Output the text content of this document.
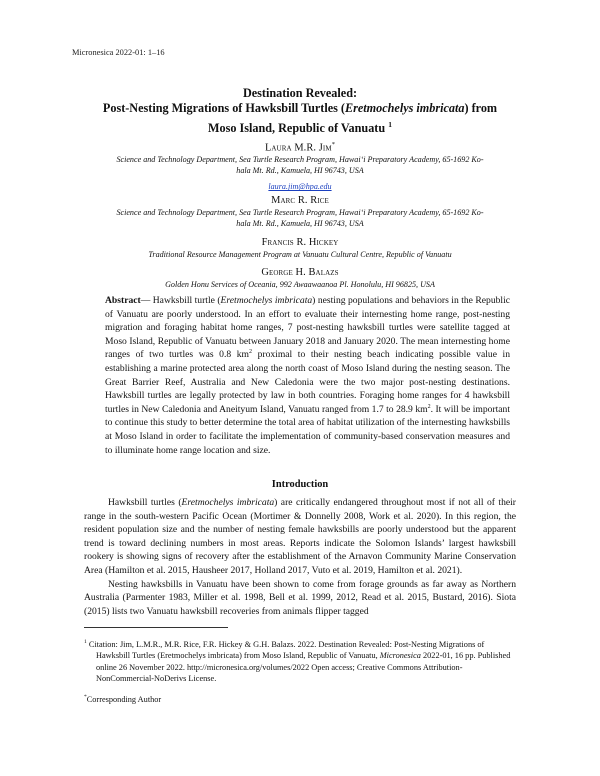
Micronesica 2022-01: 1–16
Destination Revealed:
Post-Nesting Migrations of Hawksbill Turtles (Eretmochelys imbricata) from
Moso Island, Republic of Vanuatu $^1$
Laura M.R. Jim*
Science and Technology Department, Sea Turtle Research Program, Hawai‘i Preparatory Academy, 65-1692 Ko-
hala Mt. Rd., Kamuela, HI 96743, USA
laura.jim@hpa.edu
Marc R. Rice
Science and Technology Department, Sea Turtle Research Program, Hawai‘i Preparatory Academy, 65-1692 Ko-
hala Mt. Rd., Kamuela, HI 96743, USA
Francis R. Hickey
Traditional Resource Management Program at Vanuatu Cultural Centre, Republic of Vanuatu
George H. Balazs
Golden Honu Services of Oceania, 992 Awaawaanoa Pl. Honolulu, HI 96825, USA
Abstract— Hawksbill turtle (Eretmochelys imbricata) nesting populations and behaviors in the Republic of Vanuatu are poorly understood. In an effort to evaluate their internesting home range, post-nesting migration and foraging habitat home ranges, 7 post-nesting hawksbill turtles were satellite tagged at Moso Island, Republic of Vanuatu between January 2018 and January 2020. The mean internesting home ranges of two turtles was 0.8 $km^2$ proximal to their nesting beach indicating possible value in establishing a marine protected area along the north coast of Moso Island during the nesting season. The Great Barrier Reef, Australia and New Caledonia were the two major post-nesting destinations. Hawksbill turtles are legally protected by law in both countries. Foraging home ranges for 4 hawksbill turtles in New Caledonia and Aneityum Island, Vanuatu ranged from 1.7 to 28.9 $km^2$. It will be important to continue this study to better determine the total area of habitat utilization of the internesting hawksbills at Moso Island in order to facilitate the implementation of community-based conservation measures and to illuminate home range location and size.
Introduction

Hawksbill turtles (Eretmochelys imbricata) are critically endangered throughout most if not all of their range in the south-western Pacific Ocean (Mortimer & Donnelly 2008, Work et al. 2020). In this region, the resident population size and the number of nesting female hawksbills are poorly understood but the apparent trend is toward declining numbers in most areas. Reports indicate the Solomon Islands’ largest hawksbill rookery is showing signs of recovery after the establishment of the Arnavon Community Marine Conservation Area (Hamilton et al. 2015, Hausheer 2017, Holland 2017, Vuto et al. 2019, Hamilton et al. 2021).

Nesting hawksbills in Vanuatu have been shown to come from forage grounds as far away as Northern Australia (Parmenter 1983, Miller et al. 1998, Bell et al. 1999, 2012, Read et al. 2015, Bustard, 2016). Siota (2015) lists two Vanuatu hawksbill recoveries from animals flipper tagged

$^1$ Citation: Jim, L.M.R., M.R. Rice, F.R. Hickey & G.H. Balazs. 2022. Destination Revealed: Post-Nesting Migrations of Hawksbill Turtles (Eretmochelys imbricata) from Moso Island, Republic of Vanuatu, Micronesica 2022-01, 16 pp. Published online 26 November 2022. http://micronesica.org/volumes/2022 Open access; Creative Commons Attribution-NonCommercial-NoDerivs License.
*Corresponding Author
